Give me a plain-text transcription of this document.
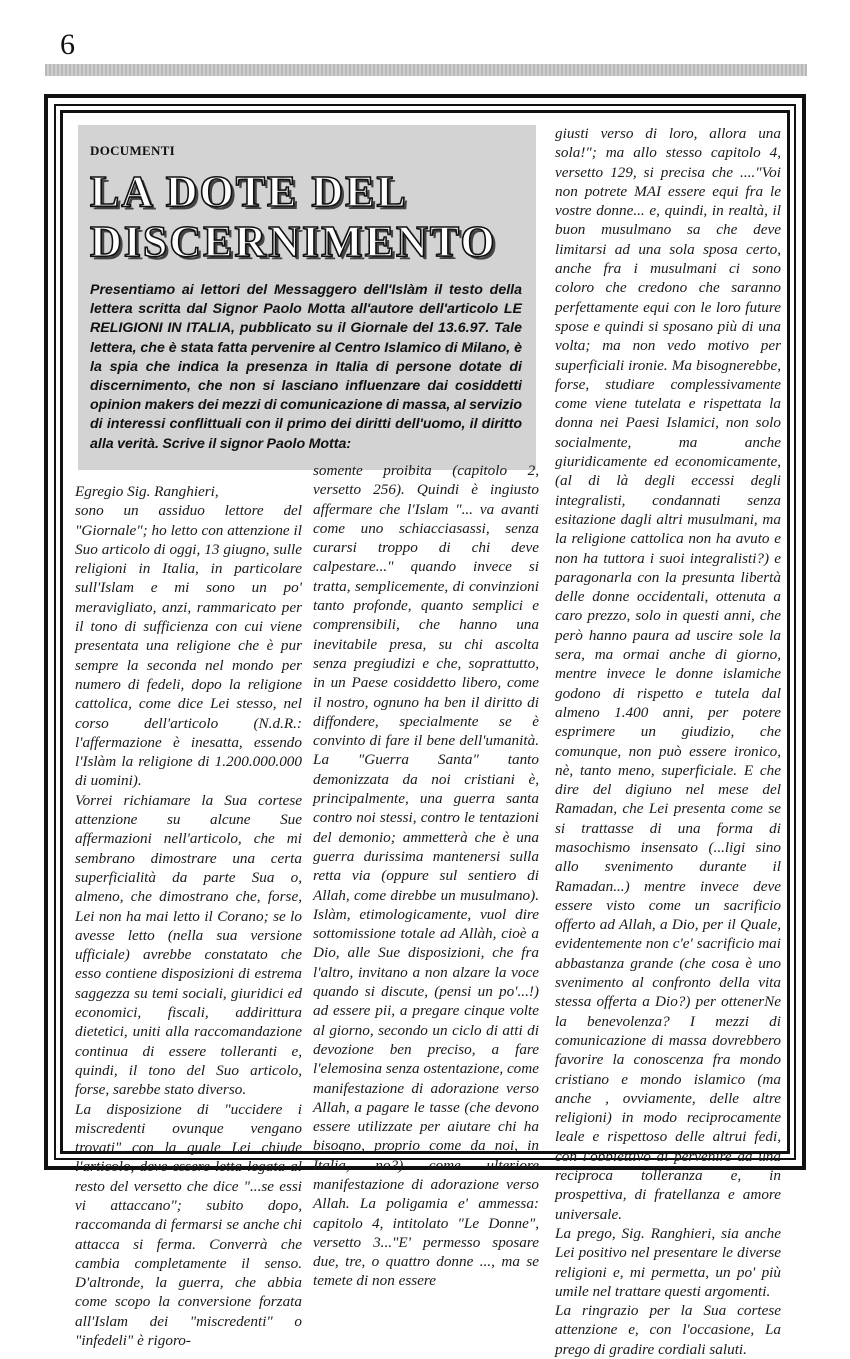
6
DOCUMENTI
LA DOTE DEL
DISCERNIMENTO
Presentiamo ai lettori del Messaggero dell'Islàm il testo della lettera scritta dal Signor Paolo Motta all'autore dell'articolo LE RELIGIONI IN ITALIA, pubblicato su il Giornale del 13.6.97. Tale lettera, che è stata fatta pervenire al Centro Islamico di Milano, è la spia che indica la presenza in Italia di persone dotate di discernimento, che non si lasciano influenzare dai cosiddetti opinion makers dei mezzi di comunicazione di massa, al servizio di interessi conflittuali con il primo dei diritti dell'uomo, il diritto alla verità. Scrive il signor Paolo Motta:

Egregio Sig. Ranghieri,

sono un assiduo lettore del "Giornale"; ho letto con attenzione il Suo articolo di oggi, 13 giugno, sulle religioni in Italia, in particolare sull'Islam e mi sono un po' meravigliato, anzi, rammaricato per il tono di sufficienza con cui viene presentata una religione che è pur sempre la seconda nel mondo per numero di fedeli, dopo la religione cattolica, come dice Lei stesso, nel corso dell'articolo (N.d.R.: l'affermazione è inesatta, essendo l'Islàm la religione di 1.200.000.000 di uomini).

Vorrei richiamare la Sua cortese attenzione su alcune Sue affermazioni nell'articolo, che mi sembrano dimostrare una certa superficialità da parte Sua o, almeno, che dimostrano che, forse, Lei non ha mai letto il Corano; se lo avesse letto (nella sua versione ufficiale) avrebbe constatato che esso contiene disposizioni di estrema saggezza su temi sociali, giuridici ed economici, fiscali, addirittura dietetici, uniti alla raccomandazione continua di essere tolleranti e, quindi, il tono del Suo articolo, forse, sarebbe stato diverso.

La disposizione di "uccidere i miscredenti ovunque vengano trovati" con la quale Lei chiude l'articolo, deve essere letta legata al resto del versetto che dice "...se essi vi attaccano"; subito dopo, raccomanda di fermarsi se anche chi attacca si ferma. Converrà che cambia completamente il senso. D'altronde, la guerra, che abbia come scopo la conversione forzata all'Islam dei "miscredenti" o "infedeli" è rigoro-

somente proibita (capitolo 2, versetto 256). Quindi è ingiusto affermare che l'Islam "... va avanti come uno schiacciasassi, senza curarsi troppo di chi deve calpestare..." quando invece si tratta, semplicemente, di convinzioni tanto profonde, quanto semplici e comprensibili, che hanno una inevitabile presa, su chi ascolta senza pregiudizi e che, soprattutto, in un Paese cosiddetto libero, come il nostro, ognuno ha ben il diritto di diffondere, specialmente se è convinto di fare il bene dell'umanità. La "Guerra Santa" tanto demonizzata da noi cristiani è, principalmente, una guerra santa contro noi stessi, contro le tentazioni del demonio; ammetterà che è una guerra durissima mantenersi sulla retta via (oppure sul sentiero di Allah, come direbbe un musulmano). Islàm, etimologicamente, vuol dire sottomissione totale ad Allàh, cioè a Dio, alle Sue disposizioni, che fra l'altro, invitano a non alzare la voce quando si discute, (pensi un po'...!) ad essere pii, a pregare cinque volte al giorno, secondo un ciclo di atti di devozione ben preciso, a fare l'elemosina senza ostentazione, come manifestazione di adorazione verso Allah, a pagare le tasse (che devono essere utilizzate per aiutare chi ha bisogno, proprio come da noi, in Italia, no?) come ulteriore manifestazione di adorazione verso Allah. La poligamia e' ammessa: capitolo 4, intitolato "Le Donne", versetto 3..."E' permesso sposare due, tre, o quattro donne ..., ma se temete di non essere

giusti verso di loro, allora una sola!"; ma allo stesso capitolo 4, versetto 129, si precisa che ...."Voi non potrete MAI essere equi fra le vostre donne... e, quindi, in realtà, il buon musulmano sa che deve limitarsi ad una sola sposa certo, anche fra i musulmani ci sono coloro che credono che saranno perfettamente equi con le loro future spose e quindi si sposano più di una volta; ma non vedo motivo per superficiali ironie. Ma bisognerebbe, forse, studiare complessivamente come viene tutelata e rispettata la donna nei Paesi Islamici, non solo socialmente, ma anche giuridicamente ed economicamente, (al di là degli eccessi degli integralisti, condannati senza esitazione dagli altri musulmani, ma la religione cattolica non ha avuto e non ha tuttora i suoi integralisti?) e paragonarla con la presunta libertà delle donne occidentali, ottenuta a caro prezzo, solo in questi anni, che però hanno paura ad uscire sole la sera, ma ormai anche di giorno, mentre invece le donne islamiche godono di rispetto e tutela dal almeno 1.400 anni, per potere esprimere un giudizio, che comunque, non può essere ironico, nè, tanto meno, superficiale. E che dire del digiuno nel mese del Ramadan, che Lei presenta come se si trattasse di una forma di masochismo insensato (...ligi sino allo svenimento durante il Ramadan...) mentre invece deve essere visto come un sacrificio offerto ad Allah, a Dio, per il Quale, evidentemente non c'e' sacrificio mai abbastanza grande (che cosa è uno svenimento al confronto della vita stessa offerta a Dio?) per ottenerNe la benevolenza? I mezzi di comunicazione di massa dovrebbero favorire la conoscenza fra mondo cristiano e mondo islamico (ma anche , ovviamente, delle altre religioni) in modo reciprocamente leale e rispettoso delle altrui fedi, con l'obbiettivo di pervenire ad una reciproca tolleranza e, in prospettiva, di fratellanza e amore universale.

La prego, Sig. Ranghieri, sia anche Lei positivo nel presentare le diverse religioni e, mi permetta, un po' più umile nel trattare questi argomenti.

La ringrazio per la Sua cortese attenzione e, con l'occasione, La prego di gradire cordiali saluti.
